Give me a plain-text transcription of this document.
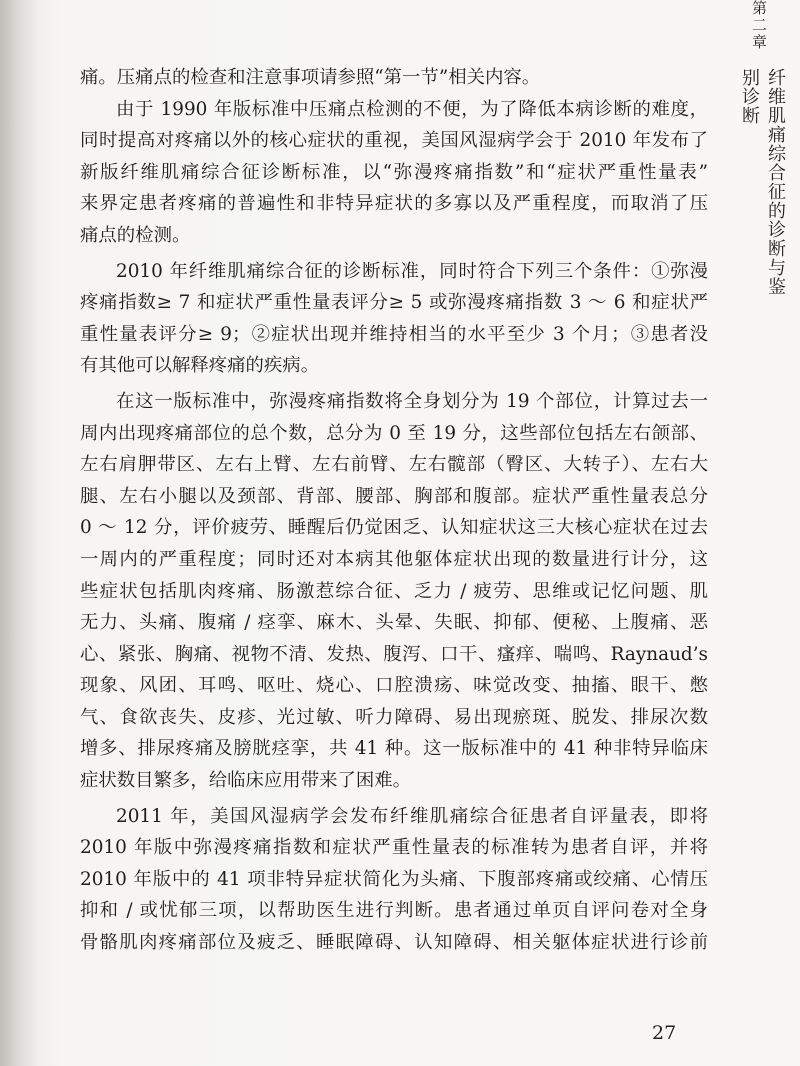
第二章
纤维肌痛综合征的诊断与鉴别诊断
痛。压痛点的检查和注意事项请参照“第一节”相关内容。
由于 1990 年版标准中压痛点检测的不便，为了降低本病诊断的难度，
同时提高对疼痛以外的核心症状的重视，美国风湿病学会于 2010 年发布了
新版纤维肌痛综合征诊断标准，以“弥漫疼痛指数”和“症状严重性量表”
来界定患者疼痛的普遍性和非特异症状的多寡以及严重程度，而取消了压
痛点的检测。
2010 年纤维肌痛综合征的诊断标准，同时符合下列三个条件：①弥漫
疼痛指数≥ 7 和症状严重性量表评分≥ 5 或弥漫疼痛指数 3 ～ 6 和症状严
重性量表评分≥ 9；②症状出现并维持相当的水平至少 3 个月；③患者没
有其他可以解释疼痛的疾病。
在这一版标准中，弥漫疼痛指数将全身划分为 19 个部位，计算过去一
周内出现疼痛部位的总个数，总分为 0 至 19 分，这些部位包括左右颌部、
左右肩胛带区、左右上臂、左右前臂、左右髋部（臀区、大转子）、左右大
腿、左右小腿以及颈部、背部、腰部、胸部和腹部。症状严重性量表总分
0 ～ 12 分，评价疲劳、睡醒后仍觉困乏、认知症状这三大核心症状在过去
一周内的严重程度；同时还对本病其他躯体症状出现的数量进行计分，这
些症状包括肌肉疼痛、肠激惹综合征、乏力 / 疲劳、思维或记忆问题、肌
无力、头痛、腹痛 / 痉挛、麻木、头晕、失眠、抑郁、便秘、上腹痛、恶
心、紧张、胸痛、视物不清、发热、腹泻、口干、瘙痒、喘鸣、Raynaud’s
现象、风团、耳鸣、呕吐、烧心、口腔溃疡、味觉改变、抽搐、眼干、憋
气、食欲丧失、皮疹、光过敏、听力障碍、易出现瘀斑、脱发、排尿次数
增多、排尿疼痛及膀胱痉挛，共 41 种。这一版标准中的 41 种非特异临床
症状数目繁多，给临床应用带来了困难。
2011 年，美国风湿病学会发布纤维肌痛综合征患者自评量表，即将
2010 年版中弥漫疼痛指数和症状严重性量表的标准转为患者自评，并将
2010 年版中的 41 项非特异症状简化为头痛、下腹部疼痛或绞痛、心情压
抑和 / 或忧郁三项，以帮助医生进行判断。患者通过单页自评问卷对全身
骨骼肌肉疼痛部位及疲乏、睡眠障碍、认知障碍、相关躯体症状进行诊前
27
